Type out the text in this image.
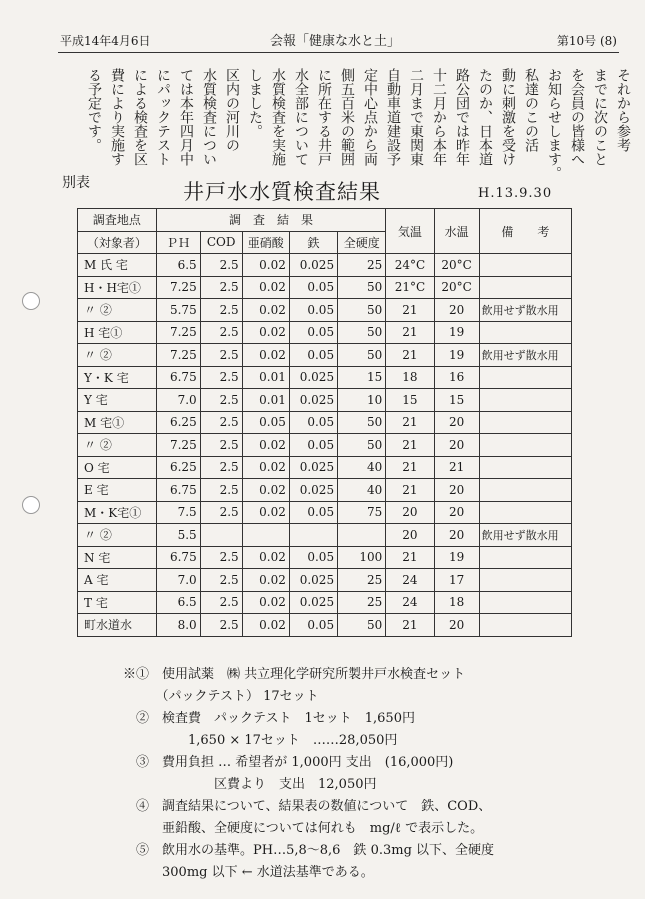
平成14年4月6日	会報「健康な水と土」	第10号 (8)
それから参考
までに次のこと
を会員の皆様へ
お知らせします。
私達のこの活
動に刺激を受け
たのか、日本道
路公団では昨年
十二月から本年
二月まで東関東
自動車道建設予
定中心点から両
側五百米の範囲
に所在する井戸
水全部について
水質検査を実施
しました。
区内の河川の
水質検査につい
ては本年四月中
にパックテスト
による検査を区
費により実施す
る予定です。
別表	井戸水水質検査結果	H.13.9.30
調査地点	調　査　結　果					気温	水温	備　　考
（対象者）	ＰＨ	COD	亜硝酸	鉄	全硬度			
M 氏 宅	6.5	2.5	0.02	0.025	25	24°C	20°C	
H・H宅①	7.25	2.5	0.02	0.05	50	21°C	20°C	
〃 ②	5.75	2.5	0.02	0.05	50	21	20	飲用せず散水用
H 宅①	7.25	2.5	0.02	0.05	50	21	19	
〃 ②	7.25	2.5	0.02	0.05	50	21	19	飲用せず散水用
Y・K 宅	6.75	2.5	0.01	0.025	15	18	16	
Y 宅	7.0	2.5	0.01	0.025	10	15	15	
M 宅①	6.25	2.5	0.05	0.05	50	21	20	
〃 ②	7.25	2.5	0.02	0.05	50	21	20	
O 宅	6.25	2.5	0.02	0.025	40	21	21	
E 宅	6.75	2.5	0.02	0.025	40	21	20	
M・K宅①	7.5	2.5	0.02	0.05	75	20	20	
〃 ②	5.5					20	20	飲用せず散水用
N 宅	6.75	2.5	0.02	0.05	100	21	19	
A 宅	7.0	2.5	0.02	0.025	25	24	17	
T 宅	6.5	2.5	0.02	0.025	25	24	18	
町水道水	8.0	2.5	0.02	0.05	50	21	20	
※①　使用試薬　㈱ 共立理化学研究所製井戸水検査セット
　　　（パックテスト） 17セット
　②　検査費　パックテスト　1セット　1,650円
　　　　　1,650 × 17セット　……28,050円
　③　費用負担 … 希望者が 1,000円 支出　(16,000円)
　　　　　　　区費より　支出　12,050円
　④　調査結果について、結果表の数値について　鉄、COD、
　　　亜鉛酸、全硬度については何れも　mg/ℓ で表示した。
　⑤　飲用水の基準。PH…5,8〜8,6　鉄 0.3mg 以下、全硬度
　　　300mg 以下 ← 水道法基準である。
